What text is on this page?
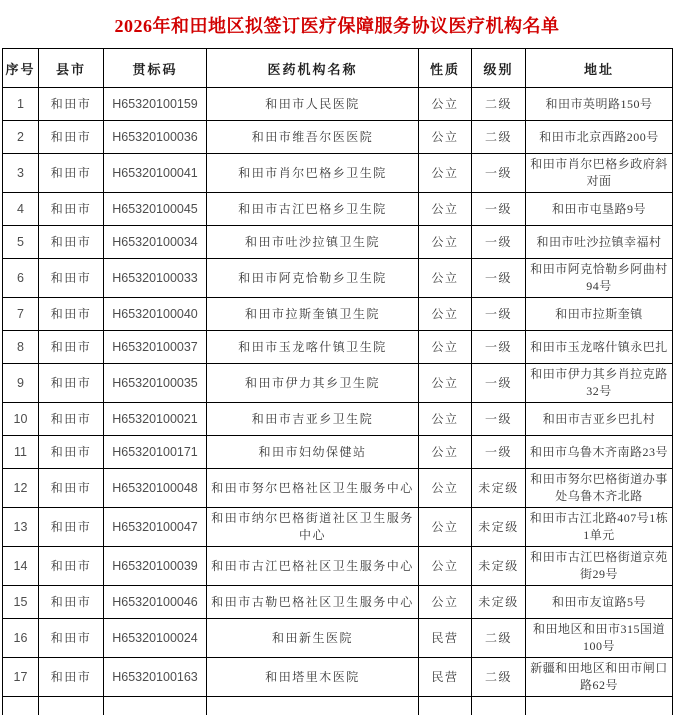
2026年和田地区拟签订医疗保障服务协议医疗机构名单
序号	县市	贯标码	医药机构名称	性质	级别	地址
1	和田市	H65320100159	和田市人民医院	公立	二级	和田市英明路150号
2	和田市	H65320100036	和田市维吾尔医医院	公立	二级	和田市北京西路200号
3	和田市	H65320100041	和田市肖尔巴格乡卫生院	公立	一级	和田市肖尔巴格乡政府斜对面
4	和田市	H65320100045	和田市古江巴格乡卫生院	公立	一级	和田市屯垦路9号
5	和田市	H65320100034	和田市吐沙拉镇卫生院	公立	一级	和田市吐沙拉镇幸福村
6	和田市	H65320100033	和田市阿克恰勒乡卫生院	公立	一级	和田市阿克恰勒乡阿曲村94号
7	和田市	H65320100040	和田市拉斯奎镇卫生院	公立	一级	和田市拉斯奎镇
8	和田市	H65320100037	和田市玉龙喀什镇卫生院	公立	一级	和田市玉龙喀什镇永巴扎
9	和田市	H65320100035	和田市伊力其乡卫生院	公立	一级	和田市伊力其乡肖拉克路32号
10	和田市	H65320100021	和田市吉亚乡卫生院	公立	一级	和田市吉亚乡巴扎村
11	和田市	H65320100171	和田市妇幼保健站	公立	一级	和田市乌鲁木齐南路23号
12	和田市	H65320100048	和田市努尔巴格社区卫生服务中心	公立	未定级	和田市努尔巴格街道办事处乌鲁木齐北路
13	和田市	H65320100047	和田市纳尔巴格街道社区卫生服务中心	公立	未定级	和田市古江北路407号1栋1单元
14	和田市	H65320100039	和田市古江巴格社区卫生服务中心	公立	未定级	和田市古江巴格街道京苑街29号
15	和田市	H65320100046	和田市古勒巴格社区卫生服务中心	公立	未定级	和田市友谊路5号
16	和田市	H65320100024	和田新生医院	民营	二级	和田地区和田市315国道100号
17	和田市	H65320100163	和田塔里木医院	民营	二级	新疆和田地区和田市闸口路62号
